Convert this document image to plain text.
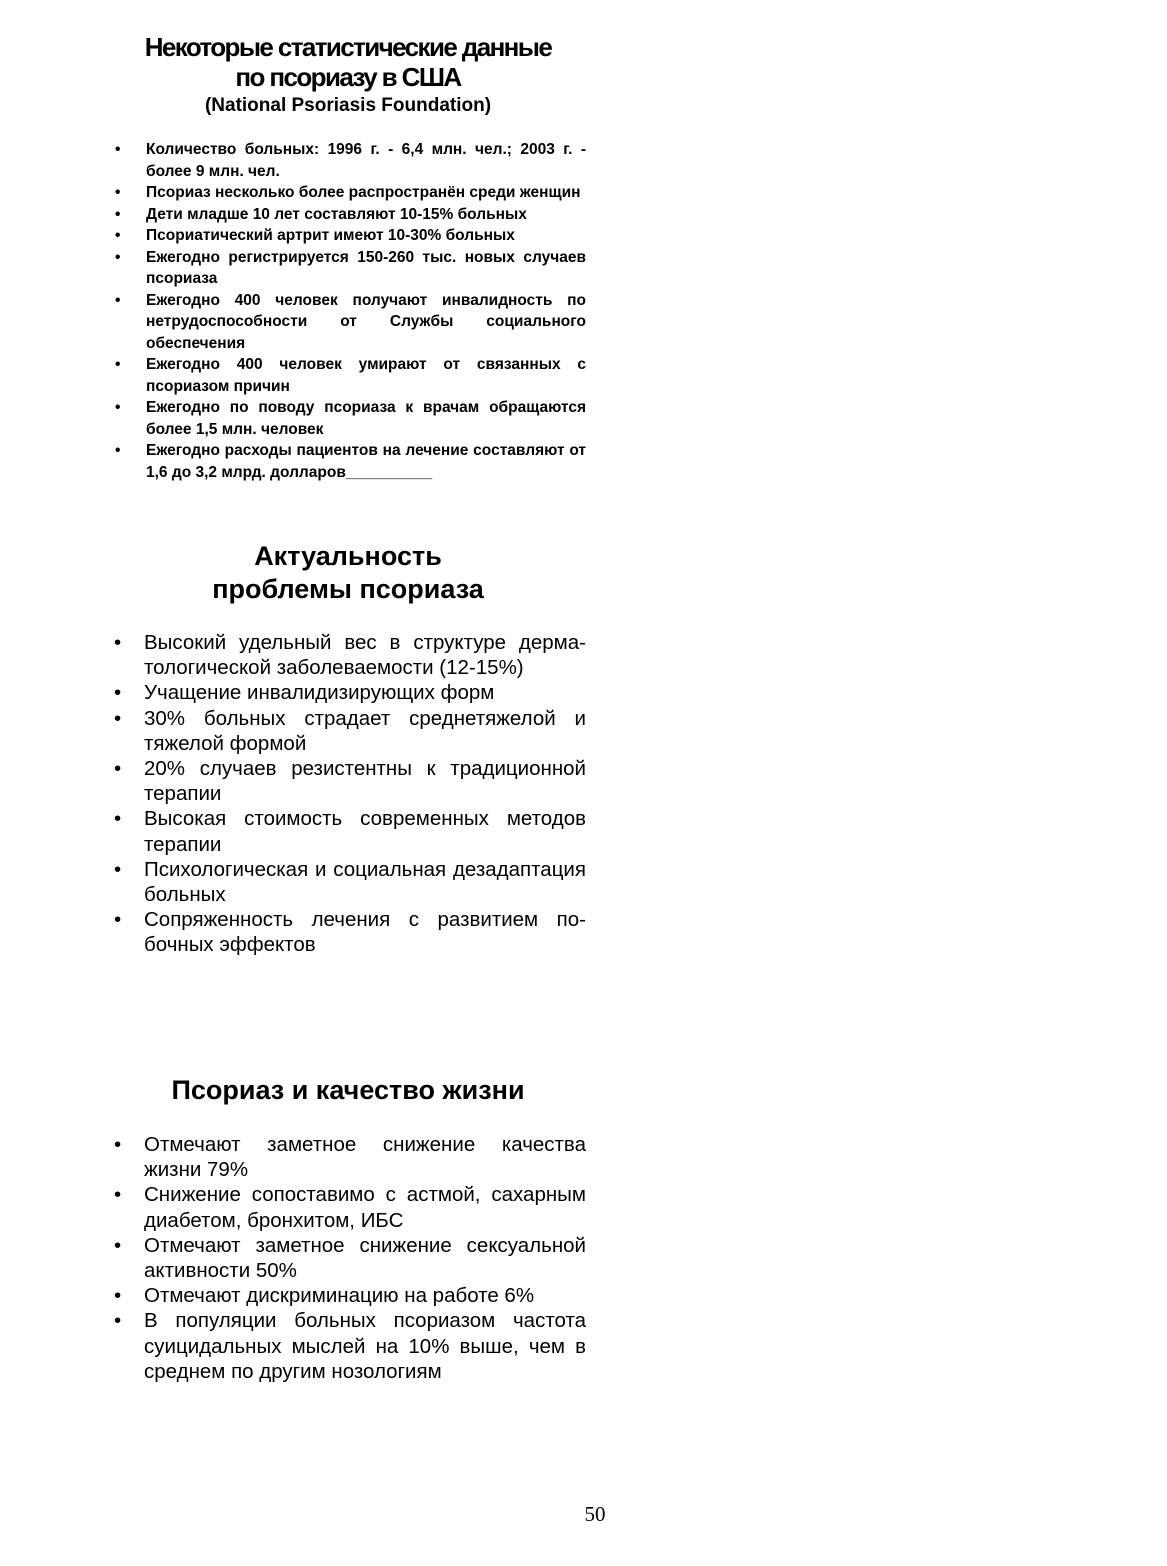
Некоторые статистические данные
по псориазу в США
(National Psoriasis Foundation)
• Количество больных: 1996 г. - 6,4 млн. чел.; 2003 г. - более 9 млн. чел.
• Псориаз несколько более распространён среди женщин
• Дети младше 10 лет составляют 10-15% больных
• Псориатический артрит имеют 10-30% больных
• Ежегодно регистрируется 150-260 тыс. новых случаев псориаза
• Ежегодно 400 человек получают инвалидность по нетрудоспособности от Службы социального обеспечения
• Ежегодно 400 человек умирают от связанных с псориазом причин
• Ежегодно по поводу псориаза к врачам обращаются более 1,5 млн. человек
• Ежегодно расходы пациентов на лечение составляют от 1,6 до 3,2 млрд. долларов__________
Актуальность
проблемы псориаза
• Высокий удельный вес в структуре дерматологической заболеваемости (12-15%)
• Учащение инвалидизирующих форм
• 30% больных страдает среднетяжелой и тяжелой формой
• 20% случаев резистентны к традиционной терапии
• Высокая стоимость современных методов терапии
• Психологическая и социальная дезадаптация больных
• Сопряженность лечения с развитием побочных эффектов
Псориаз и качество жизни
• Отмечают заметное снижение качества жизни 79%
• Снижение сопоставимо с астмой, сахарным диабетом, бронхитом, ИБС
• Отмечают заметное снижение сексуальной активности 50%
• Отмечают дискриминацию на работе 6%
• В популяции больных псориазом частота суицидальных мыслей на 10% выше, чем в среднем по другим нозологиям
50
